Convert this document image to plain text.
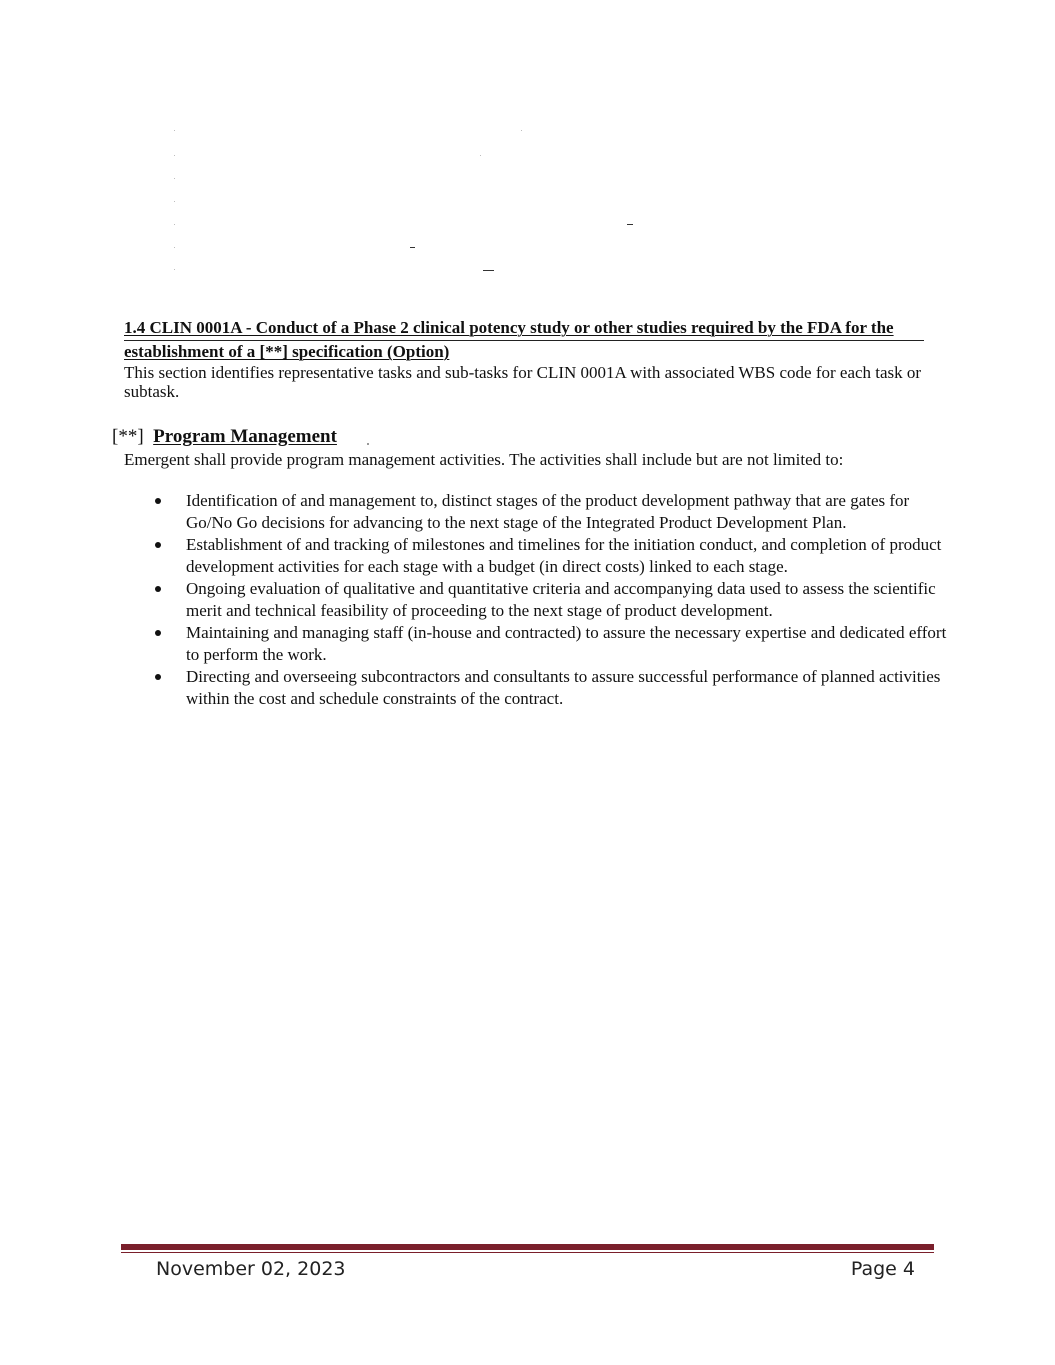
1.4 CLIN 0001A - Conduct of a Phase 2 clinical potency study or other studies required by the FDA for the establishment of a [**] specification (Option)

This section identifies representative tasks and sub-tasks for CLIN 0001A with associated WBS code for each task or subtask.

[**] Program Management

Emergent shall provide program management activities. The activities shall include but are not limited to:

Identification of and management to, distinct stages of the product development pathway that are gates for Go/No Go decisions for advancing to the next stage of the Integrated Product Development Plan.
Establishment of and tracking of milestones and timelines for the initiation conduct, and completion of product development activities for each stage with a budget (in direct costs) linked to each stage.
Ongoing evaluation of qualitative and quantitative criteria and accompanying data used to assess the scientific merit and technical feasibility of proceeding to the next stage of product development.
Maintaining and managing staff (in-house and contracted) to assure the necessary expertise and dedicated effort to perform the work.
Directing and overseeing subcontractors and consultants to assure successful performance of planned activities within the cost and schedule constraints of the contract.

November 02, 2023	Page 4
